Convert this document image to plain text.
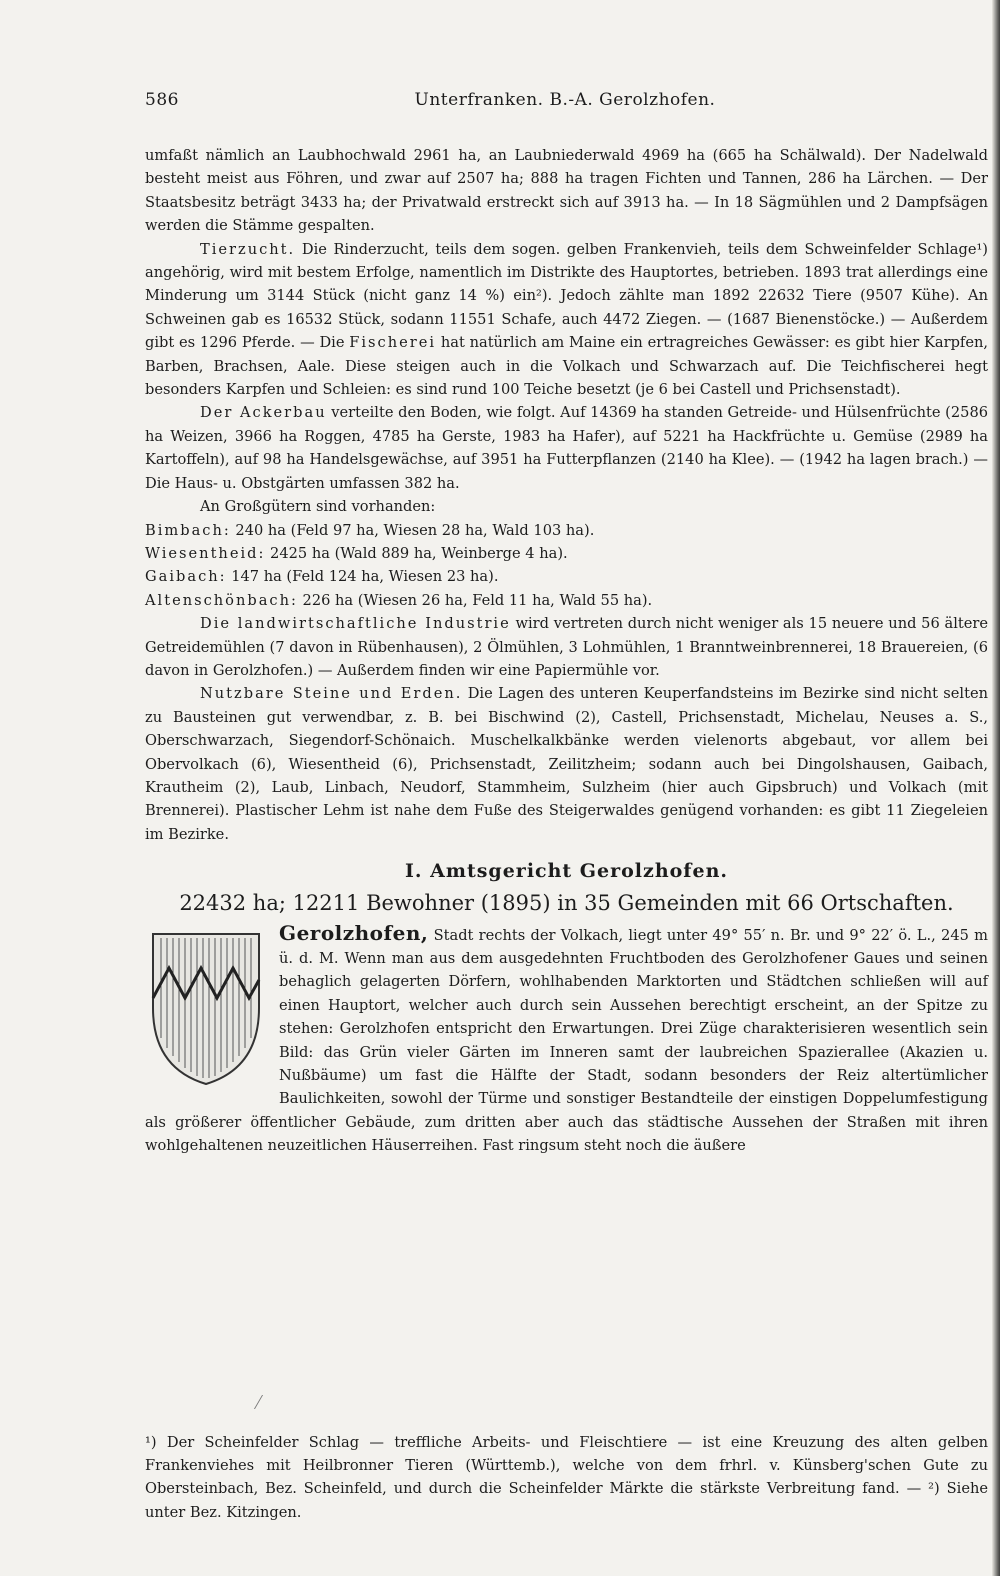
586	Unterfranken. B.-A. Gerolzhofen.

umfaßt nämlich an Laubhochwald 2961 ha, an Laubniederwald 4969 ha (665 ha Schälwald). Der Nadelwald besteht meist aus Föhren, und zwar auf 2507 ha; 888 ha tragen Fichten und Tannen, 286 ha Lärchen. — Der Staatsbesitz beträgt 3433 ha; der Privatwald erstreckt sich auf 3913 ha. — In 18 Sägmühlen und 2 Dampfsägen werden die Stämme gespalten.

Tierzucht. Die Rinderzucht, teils dem sogen. gelben Frankenvieh, teils dem Schweinfelder Schlage¹) angehörig, wird mit bestem Erfolge, namentlich im Distrikte des Hauptortes, betrieben. 1893 trat allerdings eine Minderung um 3144 Stück (nicht ganz 14 %) ein²). Jedoch zählte man 1892 22632 Tiere (9507 Kühe). An Schweinen gab es 16532 Stück, sodann 11551 Schafe, auch 4472 Ziegen. — (1687 Bienenstöcke.) — Außerdem gibt es 1296 Pferde. — Die Fischerei hat natürlich am Maine ein ertragreiches Gewässer: es gibt hier Karpfen, Barben, Brachsen, Aale. Diese steigen auch in die Volkach und Schwarzach auf. Die Teichfischerei hegt besonders Karpfen und Schleien: es sind rund 100 Teiche besetzt (je 6 bei Castell und Prichsenstadt).

Der Ackerbau verteilte den Boden, wie folgt. Auf 14369 ha standen Getreide- und Hülsenfrüchte (2586 ha Weizen, 3966 ha Roggen, 4785 ha Gerste, 1983 ha Hafer), auf 5221 ha Hackfrüchte u. Gemüse (2989 ha Kartoffeln), auf 98 ha Handelsgewächse, auf 3951 ha Futterpflanzen (2140 ha Klee). — (1942 ha lagen brach.) — Die Haus- u. Obstgärten umfassen 382 ha.

An Großgütern sind vorhanden:

Bimbach: 240 ha (Feld 97 ha, Wiesen 28 ha, Wald 103 ha).

Wiesentheid: 2425 ha (Wald 889 ha, Weinberge 4 ha).

Gaibach: 147 ha (Feld 124 ha, Wiesen 23 ha).

Altenschönbach: 226 ha (Wiesen 26 ha, Feld 11 ha, Wald 55 ha).

Die landwirtschaftliche Industrie wird vertreten durch nicht weniger als 15 neuere und 56 ältere Getreidemühlen (7 davon in Rübenhausen), 2 Ölmühlen, 3 Lohmühlen, 1 Branntweinbrennerei, 18 Brauereien, (6 davon in Gerolzhofen.) — Außerdem finden wir eine Papiermühle vor.

Nutzbare Steine und Erden. Die Lagen des unteren Keuperfandsteins im Bezirke sind nicht selten zu Bausteinen gut verwendbar, z. B. bei Bischwind (2), Castell, Prichsenstadt, Michelau, Neuses a. S., Oberschwarzach, Siegendorf-Schönaich. Muschelkalkbänke werden vielenorts abgebaut, vor allem bei Obervolkach (6), Wiesentheid (6), Prichsenstadt, Zeilitzheim; sodann auch bei Dingolshausen, Gaibach, Krautheim (2), Laub, Linbach, Neudorf, Stammheim, Sulzheim (hier auch Gipsbruch) und Volkach (mit Brennerei). Plastischer Lehm ist nahe dem Fuße des Steigerwaldes genügend vorhanden: es gibt 11 Ziegeleien im Bezirke.

I. Amtsgericht Gerolzhofen.
22432 ha; 12211 Bewohner (1895) in 35 Gemeinden mit 66 Ortschaften.

Gerolzhofen, Stadt rechts der Volkach, liegt unter 49° 55′ n. Br. und 9° 22′ ö. L., 245 m ü. d. M. Wenn man aus dem ausgedehnten Fruchtboden des Gerolzhofener Gaues und seinen behaglich gelagerten Dörfern, wohlhabenden Marktorten und Städtchen schließen will auf einen Hauptort, welcher auch durch sein Aussehen berechtigt erscheint, an der Spitze zu stehen: Gerolzhofen entspricht den Erwartungen. Drei Züge charakterisieren wesentlich sein Bild: das Grün vieler Gärten im Inneren samt der laubreichen Spazierallee (Akazien u. Nußbäume) um fast die Hälfte der Stadt, sodann besonders der Reiz altertümlicher Baulichkeiten, sowohl der Türme und sonstiger Bestandteile der einstigen Doppelumfestigung als größerer öffentlicher Gebäude, zum dritten aber auch das städtische Aussehen der Straßen mit ihren wohlgehaltenen neuzeitlichen Häuserreihen. Fast ringsum steht noch die äußere

¹) Der Scheinfelder Schlag — treffliche Arbeits- und Fleischtiere — ist eine Kreuzung des alten gelben Frankenviehes mit Heilbronner Tieren (Württemb.), welche von dem frhrl. v. Künsberg'schen Gute zu Obersteinbach, Bez. Scheinfeld, und durch die Scheinfelder Märkte die stärkste Verbreitung fand. — ²) Siehe unter Bez. Kitzingen.
